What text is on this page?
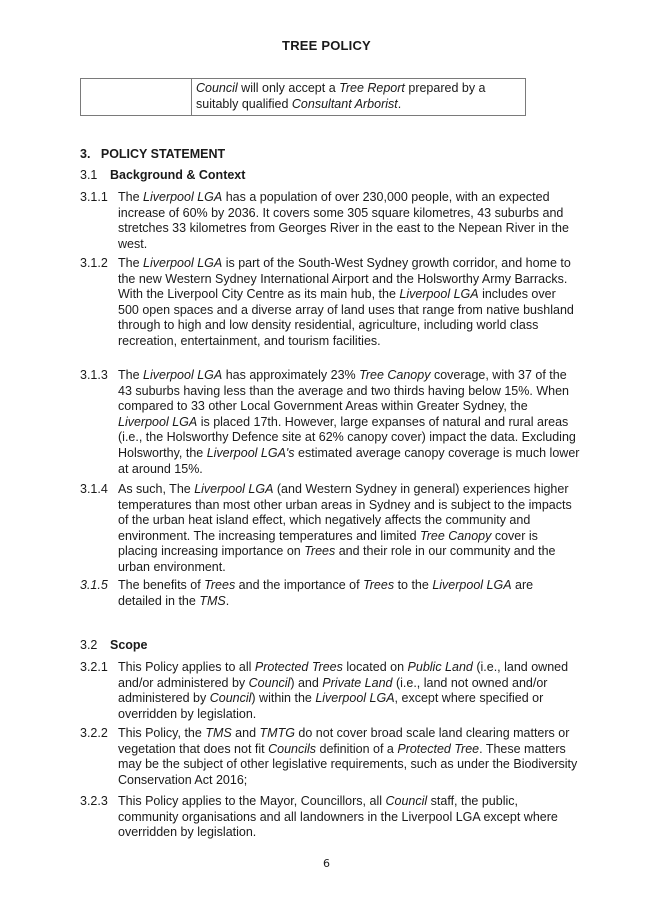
TREE POLICY
	Council will only accept a Tree Report prepared by a suitably qualified Consultant Arborist.
3. POLICY STATEMENT
3.1 Background & Context
3.1.1 The Liverpool LGA has a population of over 230,000 people, with an expected increase of 60% by 2036. It covers some 305 square kilometres, 43 suburbs and stretches 33 kilometres from Georges River in the east to the Nepean River in the west.
3.1.2 The Liverpool LGA is part of the South-West Sydney growth corridor, and home to the new Western Sydney International Airport and the Holsworthy Army Barracks. With the Liverpool City Centre as its main hub, the Liverpool LGA includes over 500 open spaces and a diverse array of land uses that range from native bushland through to high and low density residential, agriculture, including world class recreation, entertainment, and tourism facilities.
3.1.3 The Liverpool LGA has approximately 23% Tree Canopy coverage, with 37 of the 43 suburbs having less than the average and two thirds having below 15%. When compared to 33 other Local Government Areas within Greater Sydney, the Liverpool LGA is placed 17th. However, large expanses of natural and rural areas (i.e., the Holsworthy Defence site at 62% canopy cover) impact the data. Excluding Holsworthy, the Liverpool LGA's estimated average canopy coverage is much lower at around 15%.
3.1.4 As such, The Liverpool LGA (and Western Sydney in general) experiences higher temperatures than most other urban areas in Sydney and is subject to the impacts of the urban heat island effect, which negatively affects the community and environment. The increasing temperatures and limited Tree Canopy cover is placing increasing importance on Trees and their role in our community and the urban environment.
3.1.5 The benefits of Trees and the importance of Trees to the Liverpool LGA are detailed in the TMS.
3.2 Scope
3.2.1 This Policy applies to all Protected Trees located on Public Land (i.e., land owned and/or administered by Council) and Private Land (i.e., land not owned and/or administered by Council) within the Liverpool LGA, except where specified or overridden by legislation.
3.2.2 This Policy, the TMS and TMTG do not cover broad scale land clearing matters or vegetation that does not fit Councils definition of a Protected Tree. These matters may be the subject of other legislative requirements, such as under the Biodiversity Conservation Act 2016;
3.2.3 This Policy applies to the Mayor, Councillors, all Council staff, the public, community organisations and all landowners in the Liverpool LGA except where overridden by legislation.
6
